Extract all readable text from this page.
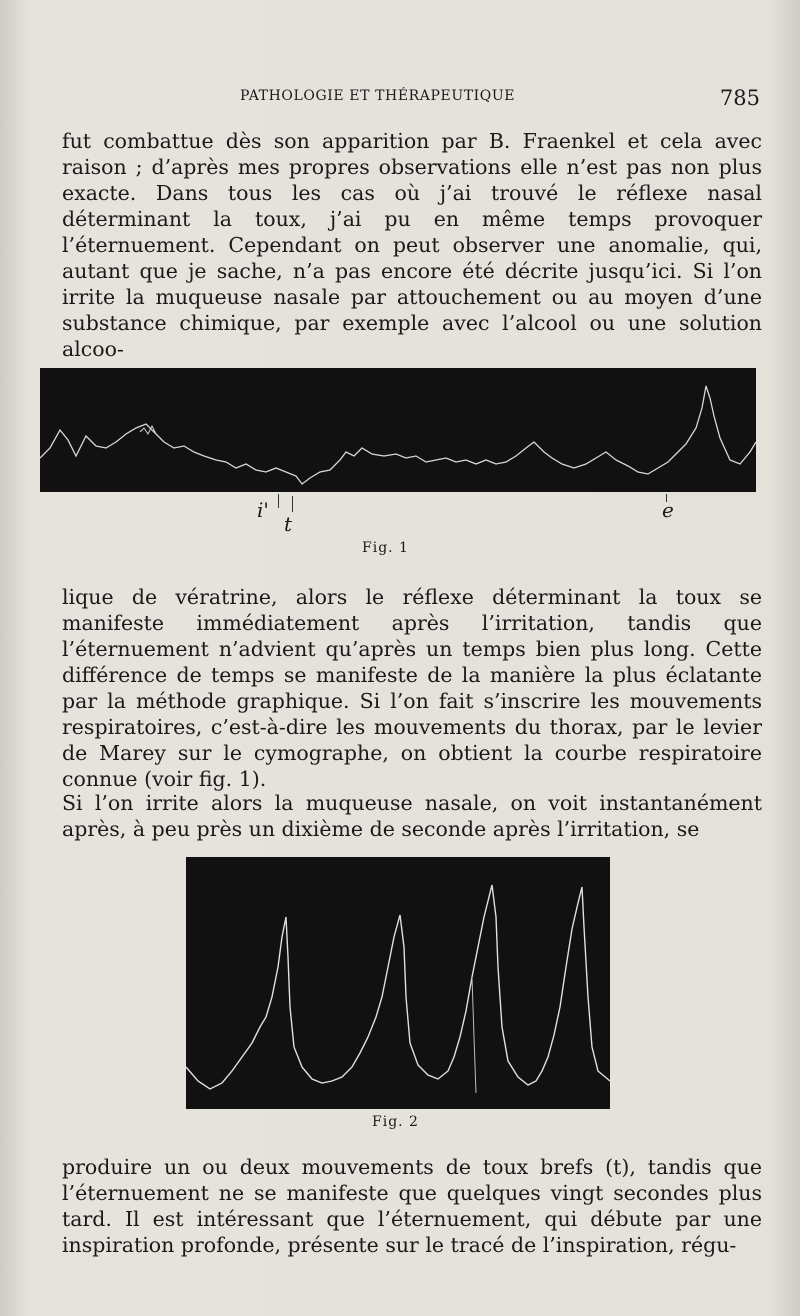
PATHOLOGIE ET THÉRAPEUTIQUE	785

fut combattue dès son apparition par B. Fraenkel et cela avec raison ; d’après mes propres observations elle n’est pas non plus exacte. Dans tous les cas où j’ai trouvé le réflexe nasal déterminant la toux, j’ai pu en même temps provoquer l’éternuement. Cependant on peut observer une anomalie, qui, autant que je sache, n’a pas encore été décrite jusqu’ici. Si l’on irrite la muqueuse nasale par attouchement ou au moyen d’une substance chimique, par exemple avec l’alcool ou une solution alcoo-

i'
t
e
Fig. 1

lique de vératrine, alors le réflexe déterminant la toux se manifeste immédiatement après l’irritation, tandis que l’éternuement n’advient qu’après un temps bien plus long. Cette différence de temps se manifeste de la manière la plus éclatante par la méthode graphique. Si l’on fait s’inscrire les mouvements respiratoires, c’est-à-dire les mouvements du thorax, par le levier de Marey sur le cymographe, on obtient la courbe respiratoire connue (voir fig. 1).

Si l’on irrite alors la muqueuse nasale, on voit instantanément après, à peu près un dixième de seconde après l’irritation, se

Fig. 2

produire un ou deux mouvements de toux brefs (t), tandis que l’éternuement ne se manifeste que quelques vingt secondes plus tard. Il est intéressant que l’éternuement, qui débute par une inspiration profonde, présente sur le tracé de l’inspiration, régu-
